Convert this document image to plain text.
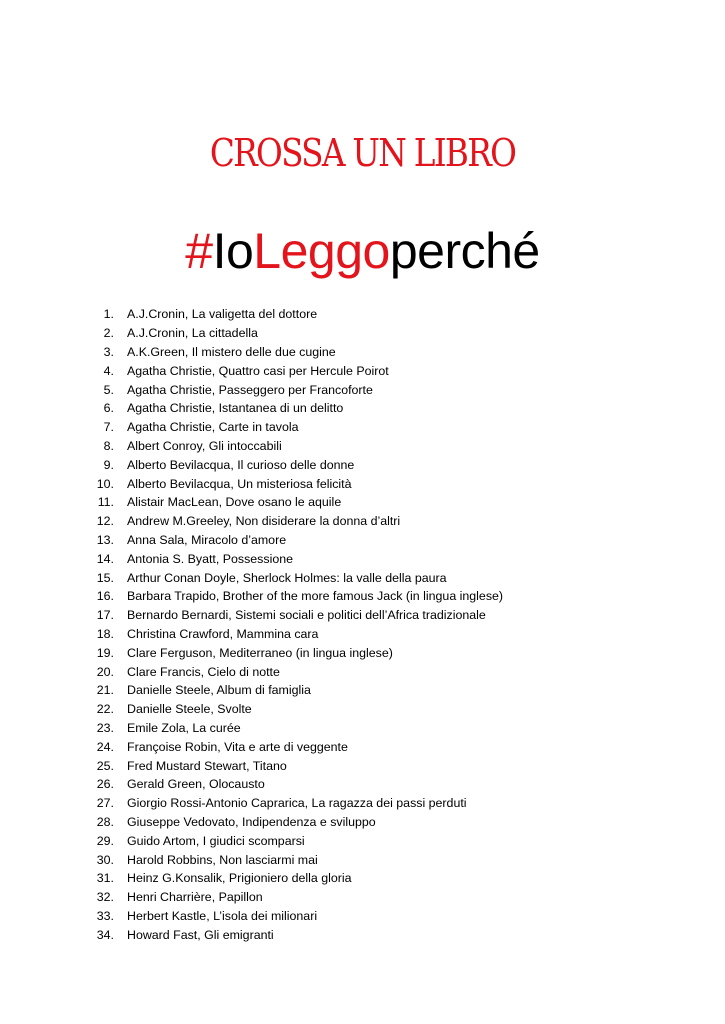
CROSSA UN LIBRO
#IoLeggoperché
1. A.J.Cronin, La valigetta del dottore
2. A.J.Cronin, La cittadella
3. A.K.Green, Il mistero delle due cugine
4. Agatha Christie, Quattro casi per Hercule Poirot
5. Agatha Christie, Passeggero per Francoforte
6. Agatha Christie, Istantanea di un delitto
7. Agatha Christie, Carte in tavola
8. Albert Conroy, Gli intoccabili
9. Alberto Bevilacqua, Il curioso delle donne
10. Alberto Bevilacqua, Un misteriosa felicità
11. Alistair MacLean, Dove osano le aquile
12. Andrew M.Greeley, Non disiderare la donna d’altri
13. Anna Sala, Miracolo d’amore
14. Antonia S. Byatt, Possessione
15. Arthur Conan Doyle, Sherlock Holmes: la valle della paura
16. Barbara Trapido, Brother of the more famous Jack (in lingua inglese)
17. Bernardo Bernardi, Sistemi sociali e politici dell’Africa tradizionale
18. Christina Crawford, Mammina cara
19. Clare Ferguson, Mediterraneo (in lingua inglese)
20. Clare Francis, Cielo di notte
21. Danielle Steele, Album di famiglia
22. Danielle Steele, Svolte
23. Emile Zola, La curée
24. Françoise Robin, Vita e arte di veggente
25. Fred Mustard Stewart, Titano
26. Gerald Green, Olocausto
27. Giorgio Rossi-Antonio Caprarica, La ragazza dei passi perduti
28. Giuseppe Vedovato, Indipendenza e sviluppo
29. Guido Artom, I giudici scomparsi
30. Harold Robbins, Non lasciarmi mai
31. Heinz G.Konsalik, Prigioniero della gloria
32. Henri Charrière, Papillon
33. Herbert Kastle, L’isola dei milionari
34. Howard Fast, Gli emigranti
